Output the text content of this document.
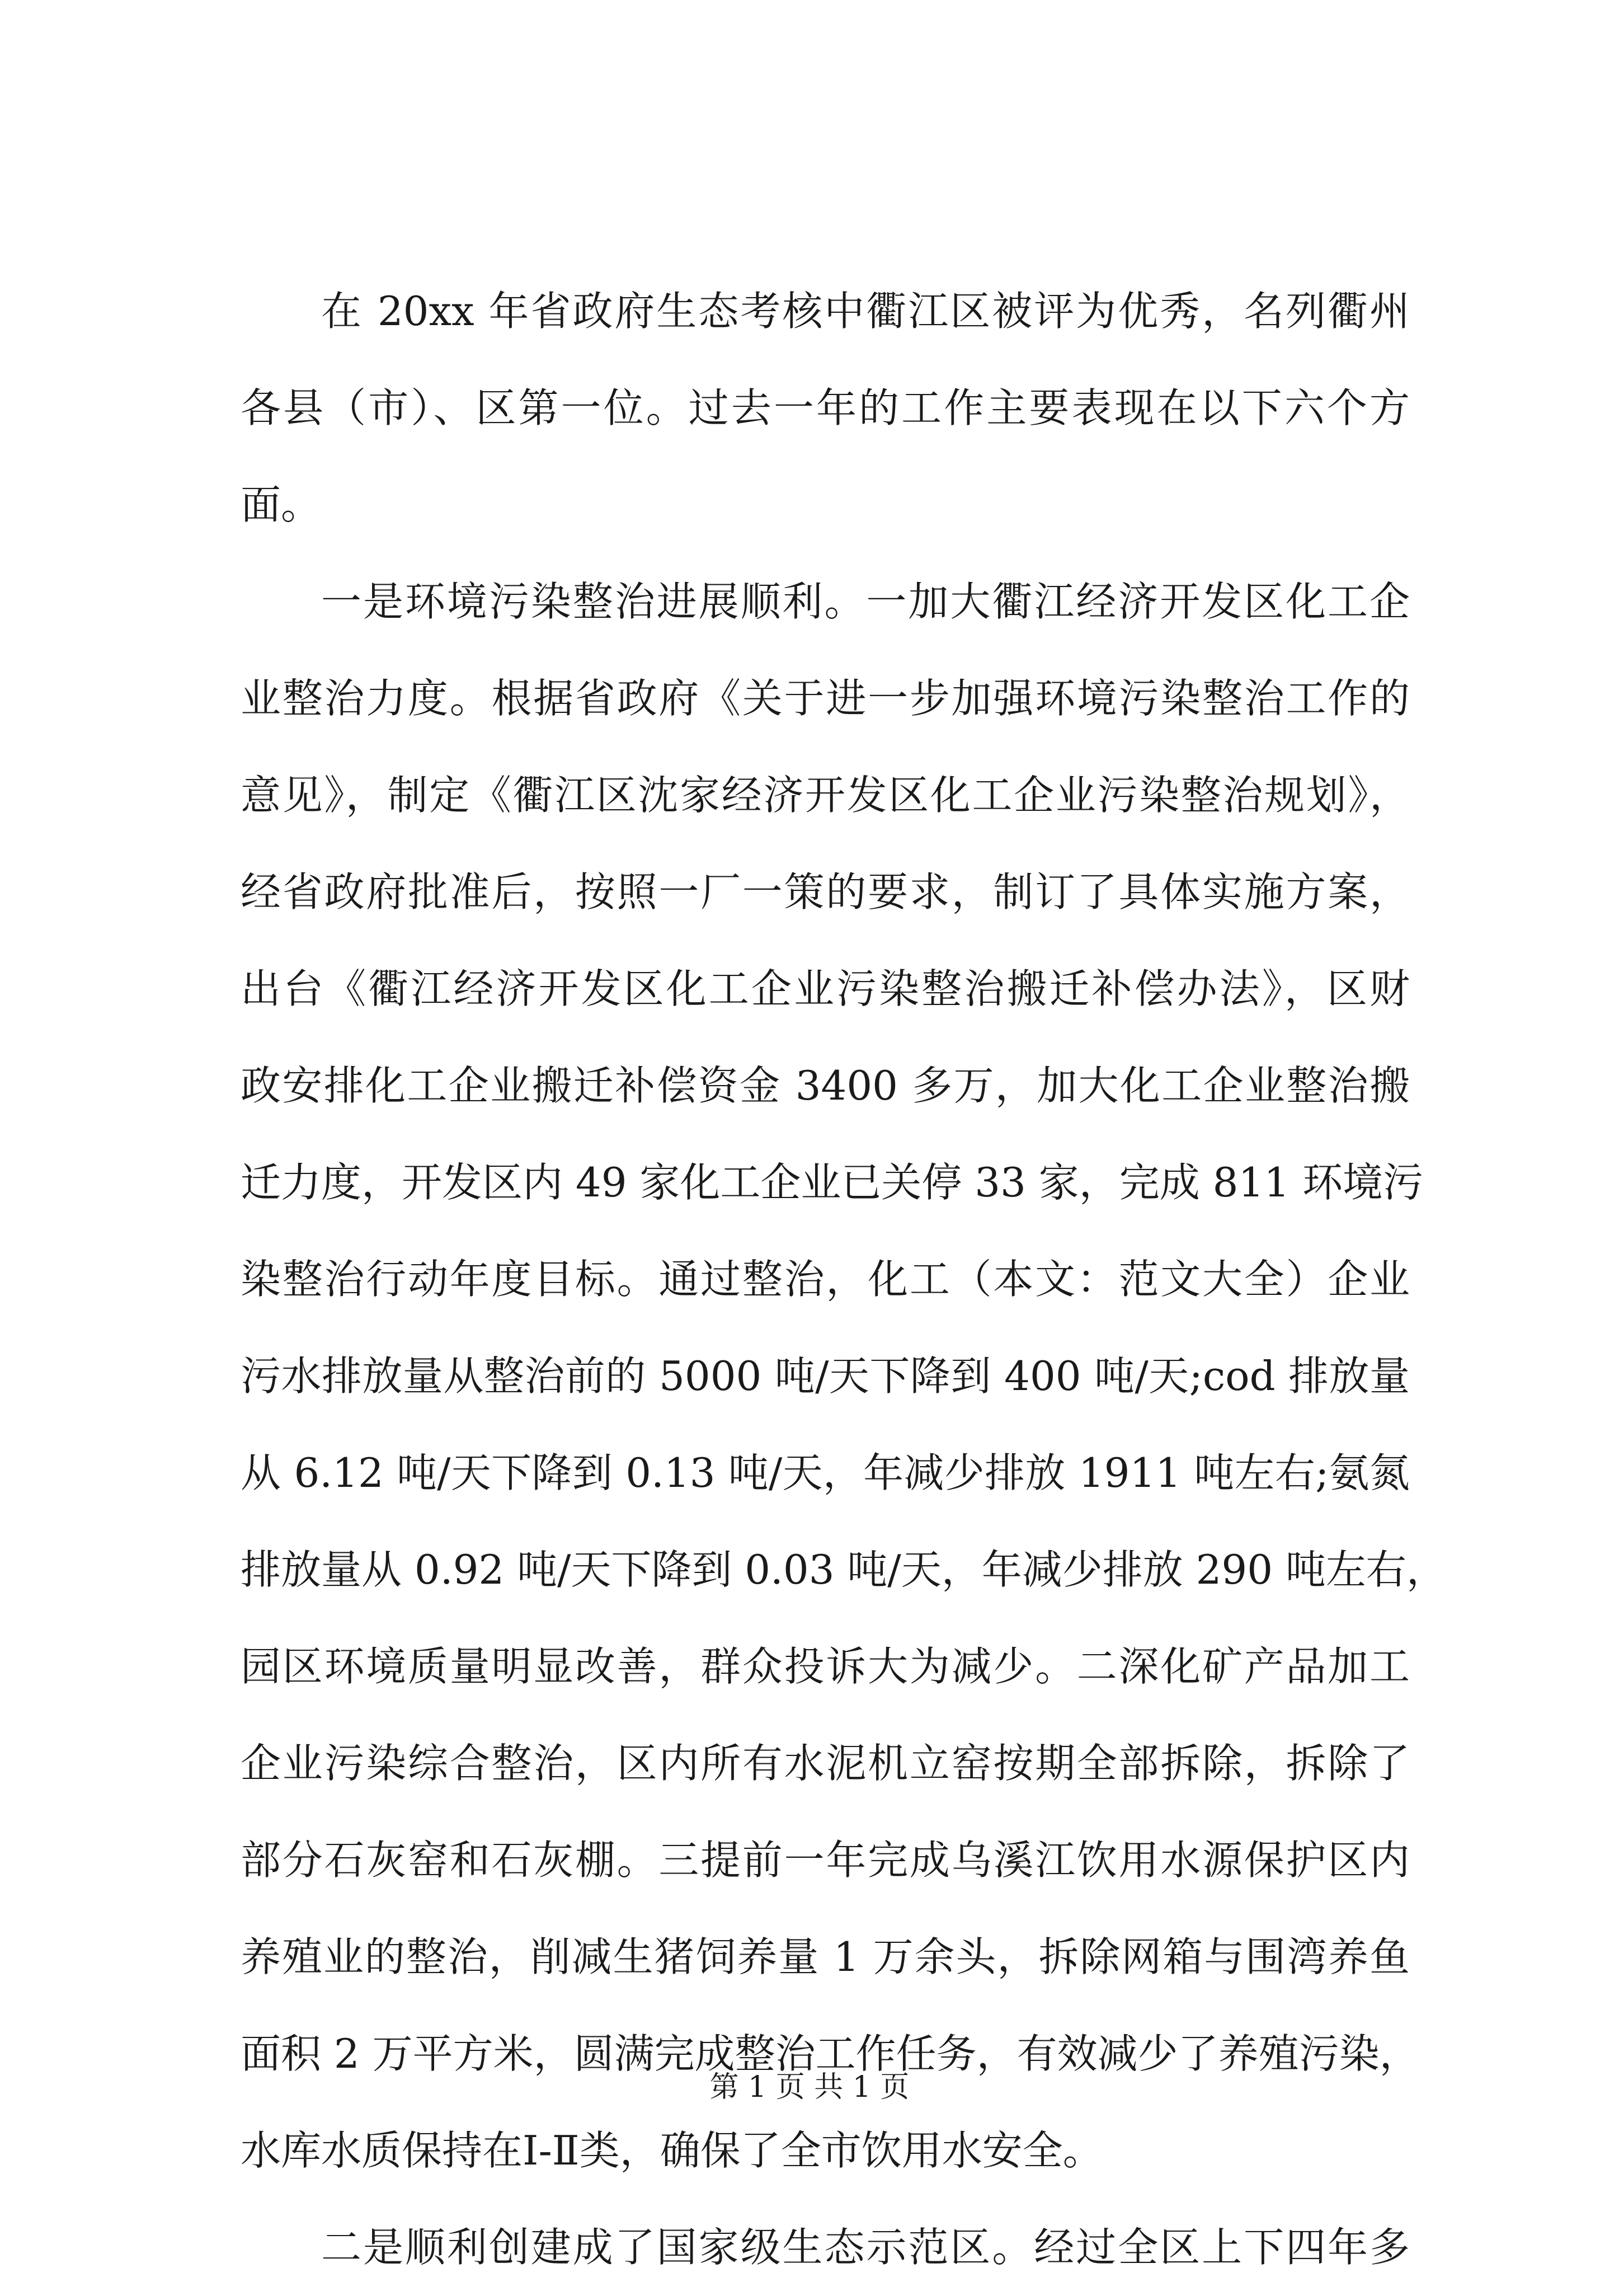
在 20xx 年省政府生态考核中衢江区被评为优秀，名列衢州
各县（市）、区第一位。过去一年的工作主要表现在以下六个方
面。
一是环境污染整治进展顺利。一加大衢江经济开发区化工企
业整治力度。根据省政府《关于进一步加强环境污染整治工作的
意见》，制定《衢江区沈家经济开发区化工企业污染整治规划》，
经省政府批准后，按照一厂一策的要求，制订了具体实施方案，
出台《衢江经济开发区化工企业污染整治搬迁补偿办法》，区财
政安排化工企业搬迁补偿资金 3400 多万，加大化工企业整治搬
迁力度，开发区内 49 家化工企业已关停 33 家，完成 811 环境污
染整治行动年度目标。通过整治，化工（本文：范文大全）企业
污水排放量从整治前的 5000 吨/天下降到 400 吨/天;cod 排放量
从 6.12 吨/天下降到 0.13 吨/天，年减少排放 1911 吨左右;氨氮
排放量从 0.92 吨/天下降到 0.03 吨/天，年减少排放 290 吨左右，
园区环境质量明显改善，群众投诉大为减少。二深化矿产品加工
企业污染综合整治，区内所有水泥机立窑按期全部拆除，拆除了
部分石灰窑和石灰棚。三提前一年完成乌溪江饮用水源保护区内
养殖业的整治，削减生猪饲养量 1 万余头，拆除网箱与围湾养鱼
面积 2 万平方米，圆满完成整治工作任务，有效减少了养殖污染，
水库水质保持在Ⅰ-Ⅱ类，确保了全市饮用水安全。
二是顺利创建成了国家级生态示范区。经过全区上下四年多
第 1 页 共 1 页
